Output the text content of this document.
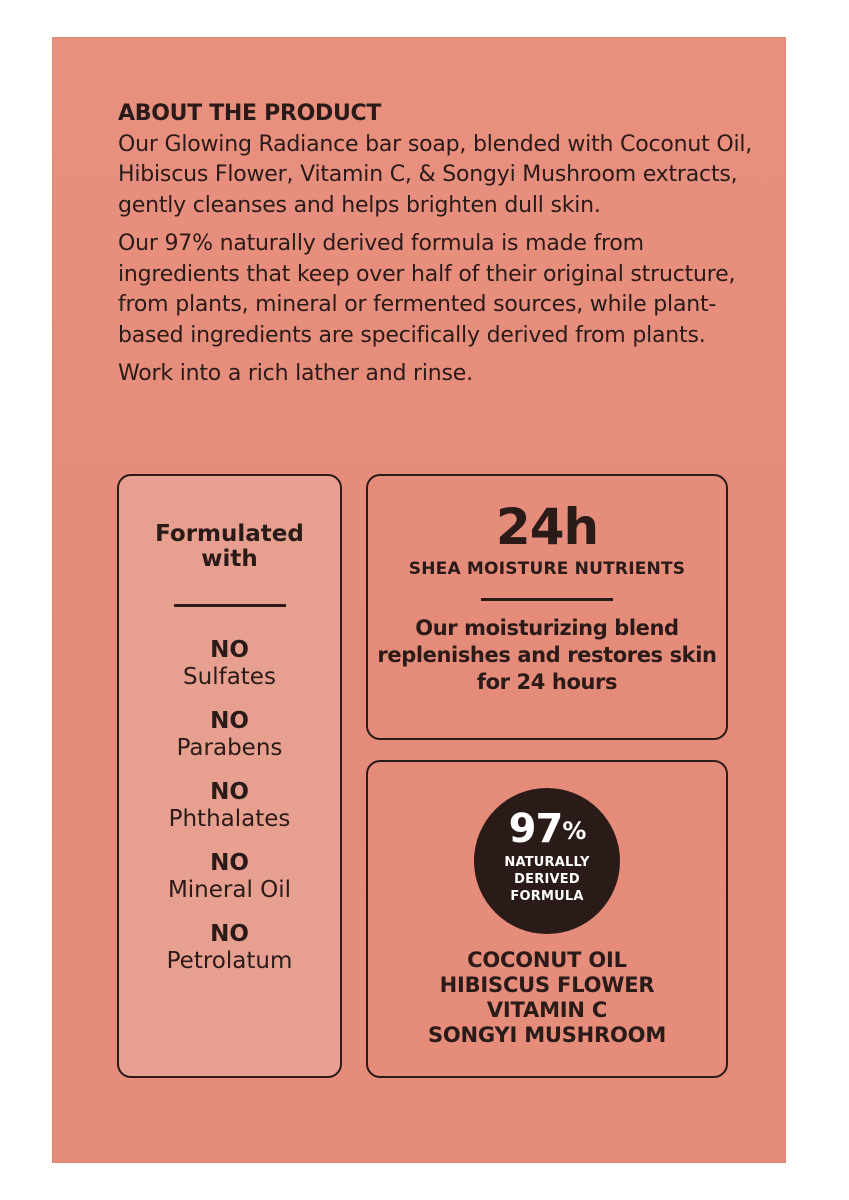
ABOUT THE PRODUCT

Our Glowing Radiance bar soap, blended with Coconut Oil, Hibiscus Flower, Vitamin C, & Songyi Mushroom extracts, gently cleanses and helps brighten dull skin.

Our 97% naturally derived formula is made from ingredients that keep over half of their original structure, from plants, mineral or fermented sources, while plant-based ingredients are specifically derived from plants.

Work into a rich lather and rinse.

Formulated
with
NO
Sulfates
NO
Parabens
NO
Phthalates
NO
Mineral Oil
NO
Petrolatum
24h
SHEA MOISTURE NUTRIENTS
Our moisturizing blend
replenishes and restores skin
for 24 hours
97%
NATURALLY
DERIVED
FORMULA
COCONUT OIL
HIBISCUS FLOWER
VITAMIN C
SONGYI MUSHROOM
